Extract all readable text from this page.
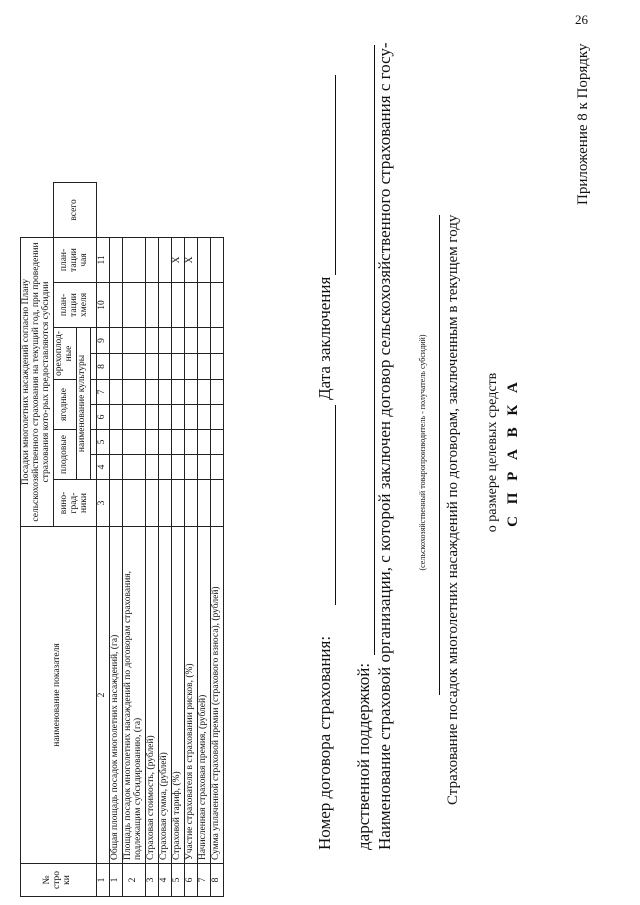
26
Приложение 8 к Порядку
С П Р А В К А
о размере целевых средств
Страхование посадок многолетних насаждений по договорам, заключенным в текущем году
(сельскохозяйственный товаропроизводитель - получатель субсидий)
Наименование страховой организации, с которой заключен договор сельскохозяйственного страхования с госу-
дарственной поддержкой:
Номер договора страхования:
Дата заключения
№ стро ки	наименование показателя	Посадки многолетних насаждений согласно Плану сельскохозяйственного страхования на текущий год, при проведении страхования кото-рых предоставляются субсидии									
		вино-град-ники	плодовые		ягодные		орехоплод-ные		план-тации хмеля	план-тации чая	всего
			наименование культуры								

1	2	3	4	5	6	7	8	9	10	11	
1	Общая площадь посадок многолетних насаждений, (га)										
2	Площадь посадок многолетних насаждений по договорам страхования, подлежащим субсидированию, (га)										
3	Страховая стоимость, (рублей)										
4	Страховая сумма, (рублей)										
5	Страховой тариф, (%)									X	
6	Участие страхователя в страховании рисков, (%)									X	
7	Начисленная страховая премия, (рублей)										
8	Сумма уплаченной страховой премии (страхового взноса), (рублей)										
